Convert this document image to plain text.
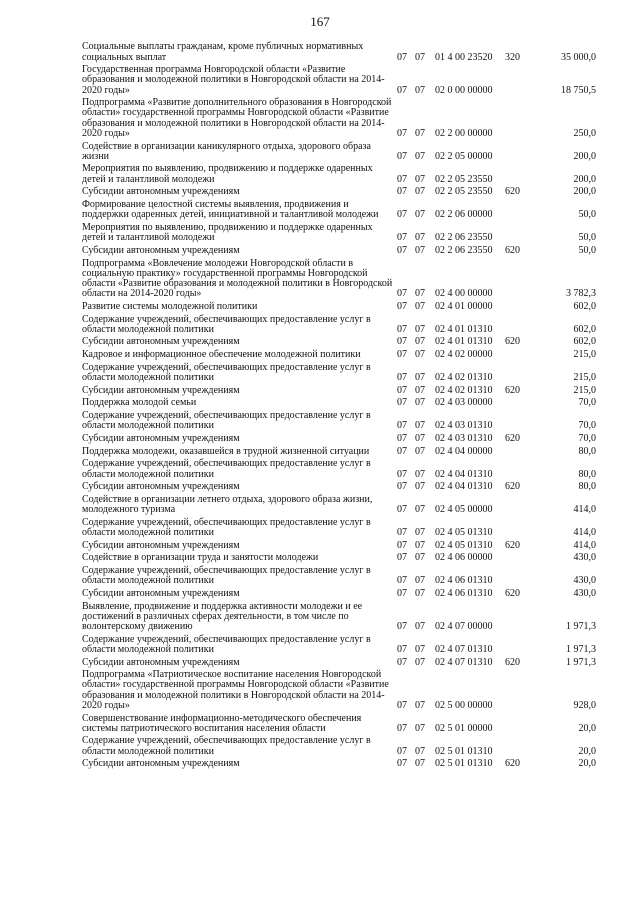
167
Социальные выплаты гражданам, кроме публичных нормативных социальных выплат	07	07	01 4 00 23520	320	35 000,0
Государственная программа Новгородской области «Развитие образования и молодежной политики в Новгородской области на 2014-2020 годы»	07	07	02 0 00 00000		18 750,5
Подпрограмма «Развитие дополнительного образования в Новгородской области» государственной программы Новгородской области «Развитие образования и молодежной политики в Новгородской области на 2014-2020 годы»	07	07	02 2 00 00000		250,0
Содействие в организации каникулярного отдыха, здорового образа жизни	07	07	02 2 05 00000		200,0
Мероприятия по выявлению, продвижению и поддержке одаренных детей и талантливой молодежи	07	07	02 2 05 23550		200,0
Субсидии автономным учреждениям	07	07	02 2 05 23550	620	200,0
Формирование целостной системы выявления, продвижения и поддержки одаренных детей, инициативной и талантливой молодежи	07	07	02 2 06 00000		50,0
Мероприятия по выявлению, продвижению и поддержке одаренных детей и талантливой молодежи	07	07	02 2 06 23550		50,0
Субсидии автономным учреждениям	07	07	02 2 06 23550	620	50,0
Подпрограмма «Вовлечение молодежи Новгородской области в социальную практику» государственной программы Новгородской области «Развитие образования и молодежной политики в Новгородской области на 2014-2020 годы»	07	07	02 4 00 00000		3 782,3
Развитие системы молодежной политики	07	07	02 4 01 00000		602,0
Содержание учреждений, обеспечивающих предоставление услуг в области молодежной политики	07	07	02 4 01 01310		602,0
Субсидии автономным учреждениям	07	07	02 4 01 01310	620	602,0
Кадровое и информационное обеспечение молодежной политики	07	07	02 4 02 00000		215,0
Содержание учреждений, обеспечивающих предоставление услуг в области молодежной политики	07	07	02 4 02 01310		215,0
Субсидии автономным учреждениям	07	07	02 4 02 01310	620	215,0
Поддержка молодой семьи	07	07	02 4 03 00000		70,0
Содержание учреждений, обеспечивающих предоставление услуг в области молодежной политики	07	07	02 4 03 01310		70,0
Субсидии автономным учреждениям	07	07	02 4 03 01310	620	70,0
Поддержка молодежи, оказавшейся в трудной жизненной ситуации	07	07	02 4 04 00000		80,0
Содержание учреждений, обеспечивающих предоставление услуг в области молодежной политики	07	07	02 4 04 01310		80,0
Субсидии автономным учреждениям	07	07	02 4 04 01310	620	80,0
Содействие в организации летнего отдыха, здорового образа жизни, молодежного туризма	07	07	02 4 05 00000		414,0
Содержание учреждений, обеспечивающих предоставление услуг в области молодежной политики	07	07	02 4 05 01310		414,0
Субсидии автономным учреждениям	07	07	02 4 05 01310	620	414,0
Содействие в организации труда и занятости молодежи	07	07	02 4 06 00000		430,0
Содержание учреждений, обеспечивающих предоставление услуг в области молодежной политики	07	07	02 4 06 01310		430,0
Субсидии автономным учреждениям	07	07	02 4 06 01310	620	430,0
Выявление, продвижение и поддержка активности молодежи и ее достижений в различных сферах деятельности, в том числе по волонтерскому движению	07	07	02 4 07 00000		1 971,3
Содержание учреждений, обеспечивающих предоставление услуг в области молодежной политики	07	07	02 4 07 01310		1 971,3
Субсидии автономным учреждениям	07	07	02 4 07 01310	620	1 971,3
Подпрограмма «Патриотическое воспитание населения Новгородской области» государственной программы Новгородской области «Развитие образования и молодежной политики в Новгородской области на 2014-2020 годы»	07	07	02 5 00 00000		928,0
Совершенствование информационно-методического обеспечения системы патриотического воспитания населения области	07	07	02 5 01 00000		20,0
Содержание учреждений, обеспечивающих предоставление услуг в области молодежной политики	07	07	02 5 01 01310		20,0
Субсидии автономным учреждениям	07	07	02 5 01 01310	620	20,0
